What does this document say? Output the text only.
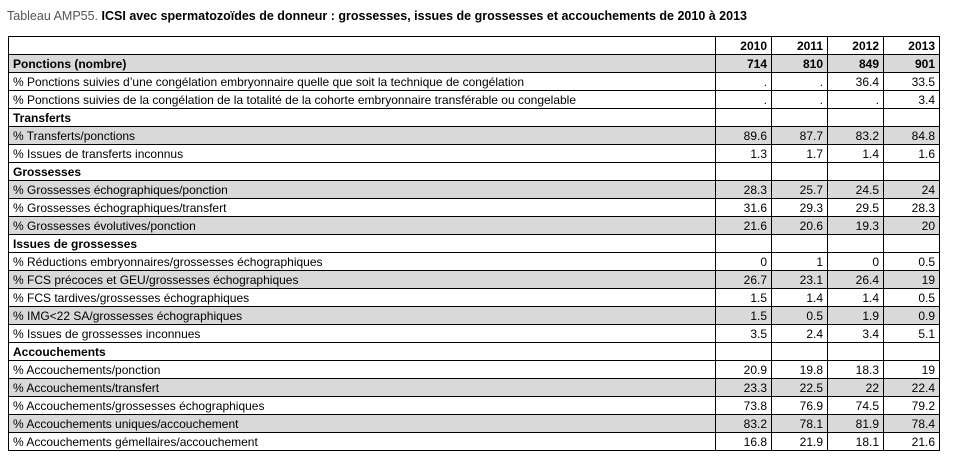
Tableau AMP55. ICSI avec spermatozoïdes de donneur : grossesses, issues de grossesses et accouchements de 2010 à 2013
	2010	2011	2012	2013
Ponctions (nombre)	714	810	849	901
% Ponctions suivies d’une congélation embryonnaire quelle que soit la technique de congélation	.	.	36.4	33.5
% Ponctions suivies de la congélation de la totalité de la cohorte embryonnaire transférable ou congelable	.	.	.	3.4
Transferts				
% Transferts/ponctions	89.6	87.7	83.2	84.8
% Issues de transferts inconnus	1.3	1.7	1.4	1.6
Grossesses				
% Grossesses échographiques/ponction	28.3	25.7	24.5	24
% Grossesses échographiques/transfert	31.6	29.3	29.5	28.3
% Grossesses évolutives/ponction	21.6	20.6	19.3	20
Issues de grossesses				
% Réductions embryonnaires/grossesses échographiques	0	1	0	0.5
% FCS précoces et GEU/grossesses échographiques	26.7	23.1	26.4	19
% FCS tardives/grossesses échographiques	1.5	1.4	1.4	0.5
% IMG<22 SA/grossesses échographiques	1.5	0.5	1.9	0.9
% Issues de grossesses inconnues	3.5	2.4	3.4	5.1
Accouchements				
% Accouchements/ponction	20.9	19.8	18.3	19
% Accouchements/transfert	23.3	22.5	22	22.4
% Accouchements/grossesses échographiques	73.8	76.9	74.5	79.2
% Accouchements uniques/accouchement	83.2	78.1	81.9	78.4
% Accouchements gémellaires/accouchement	16.8	21.9	18.1	21.6
